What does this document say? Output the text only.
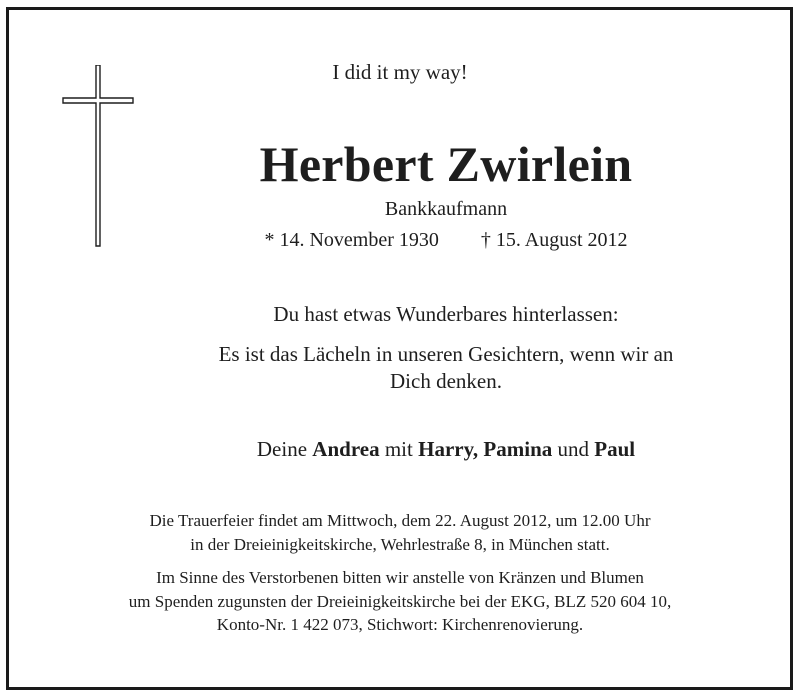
I did it my way!
Herbert Zwirlein
Bankkaufmann
* 14. November 1930 † 15. August 2012
Du hast etwas Wunderbares hinterlassen:
Es ist das Lächeln in unseren Gesichtern, wenn wir an
Dich denken.
Deine Andrea mit Harry, Pamina und Paul
Die Trauerfeier findet am Mittwoch, dem 22. August 2012, um 12.00 Uhr
in der Dreieinigkeitskirche, Wehrlestraße 8, in München statt.
Im Sinne des Verstorbenen bitten wir anstelle von Kränzen und Blumen
um Spenden zugunsten der Dreieinigkeitskirche bei der EKG, BLZ 520 604 10,
Konto-Nr. 1 422 073, Stichwort: Kirchenrenovierung.
